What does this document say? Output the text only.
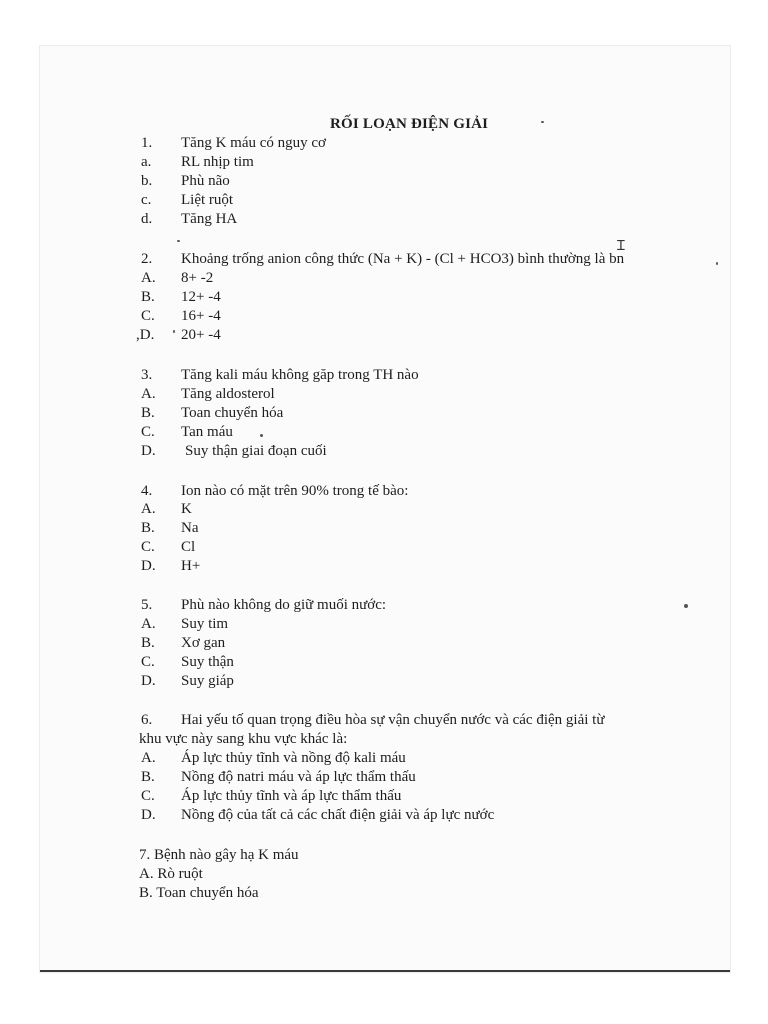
RỐI LOẠN ĐIỆN GIẢI
1. Tăng K máu có nguy cơ
a. RL nhịp tim
b. Phù não
c. Liệt ruột
d. Tăng HA
2. Khoảng trống anion công thức (Na + K) - (Cl + HCO3) bình thường là bn
A. 8+ -2
B. 12+ -4
C. 16+ -4
,D. 20+ -4
3. Tăng kali máu không găp trong TH nào
A. Tăng aldosterol
B. Toan chuyển hóa
C. Tan máu
D. Suy thận giai đoạn cuối
4. Ion nào có mặt trên 90% trong tế bào:
A. K
B. Na
C. Cl
D. H+
5. Phù nào không do giữ muối nước:
A. Suy tim
B. Xơ gan
C. Suy thận
D. Suy giáp
6. Hai yếu tố quan trọng điều hòa sự vận chuyển nước và các điện giải từ
khu vực này sang khu vực khác là:
A. Áp lực thủy tĩnh và nồng độ kali máu
B. Nồng độ natri máu và áp lực thẩm thấu
C. Áp lực thủy tĩnh và áp lực thẩm thấu
D. Nồng độ của tất cả các chất điện giải và áp lực nước
7. Bệnh nào gây hạ K máu
A. Rò ruột
B. Toan chuyển hóa
Ɪ
